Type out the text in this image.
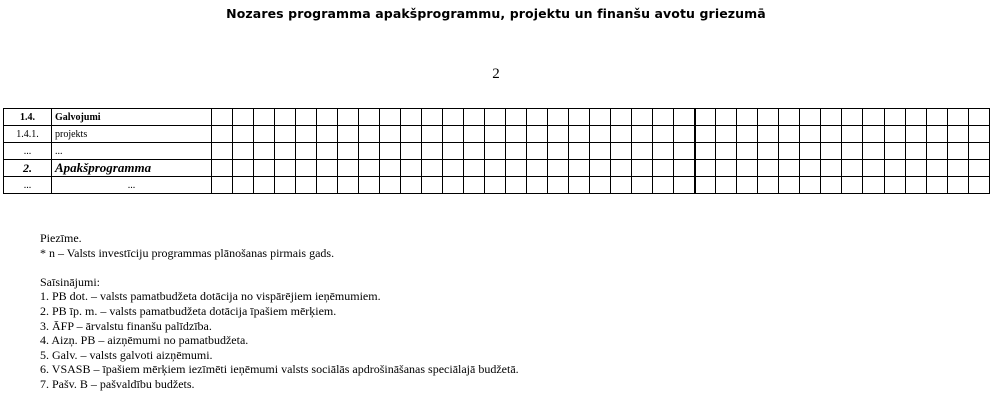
Nozares programma apakšprogrammu, projektu un finanšu avotu griezumā
2
1.4.	Galvojumi																																					
1.4.1.	projekts																																					
...	...																																					
2.	Apakšprogramma																																					
...	...																																					
Piezīme.
* n – Valsts investīciju programmas plānošanas pirmais gads.
Saīsinājumi:
1. PB dot. – valsts pamatbudžeta dotācija no vispārējiem ieņēmumiem.
2. PB īp. m. – valsts pamatbudžeta dotācija īpašiem mērķiem.
3. ĀFP – ārvalstu finanšu palīdzība.
4. Aizņ. PB – aizņēmumi no pamatbudžeta.
5. Galv. – valsts galvoti aizņēmumi.
6. VSASB – īpašiem mērķiem iezīmēti ieņēmumi valsts sociālās apdrošināšanas speciālajā budžetā.
7. Pašv. B – pašvaldību budžets.
